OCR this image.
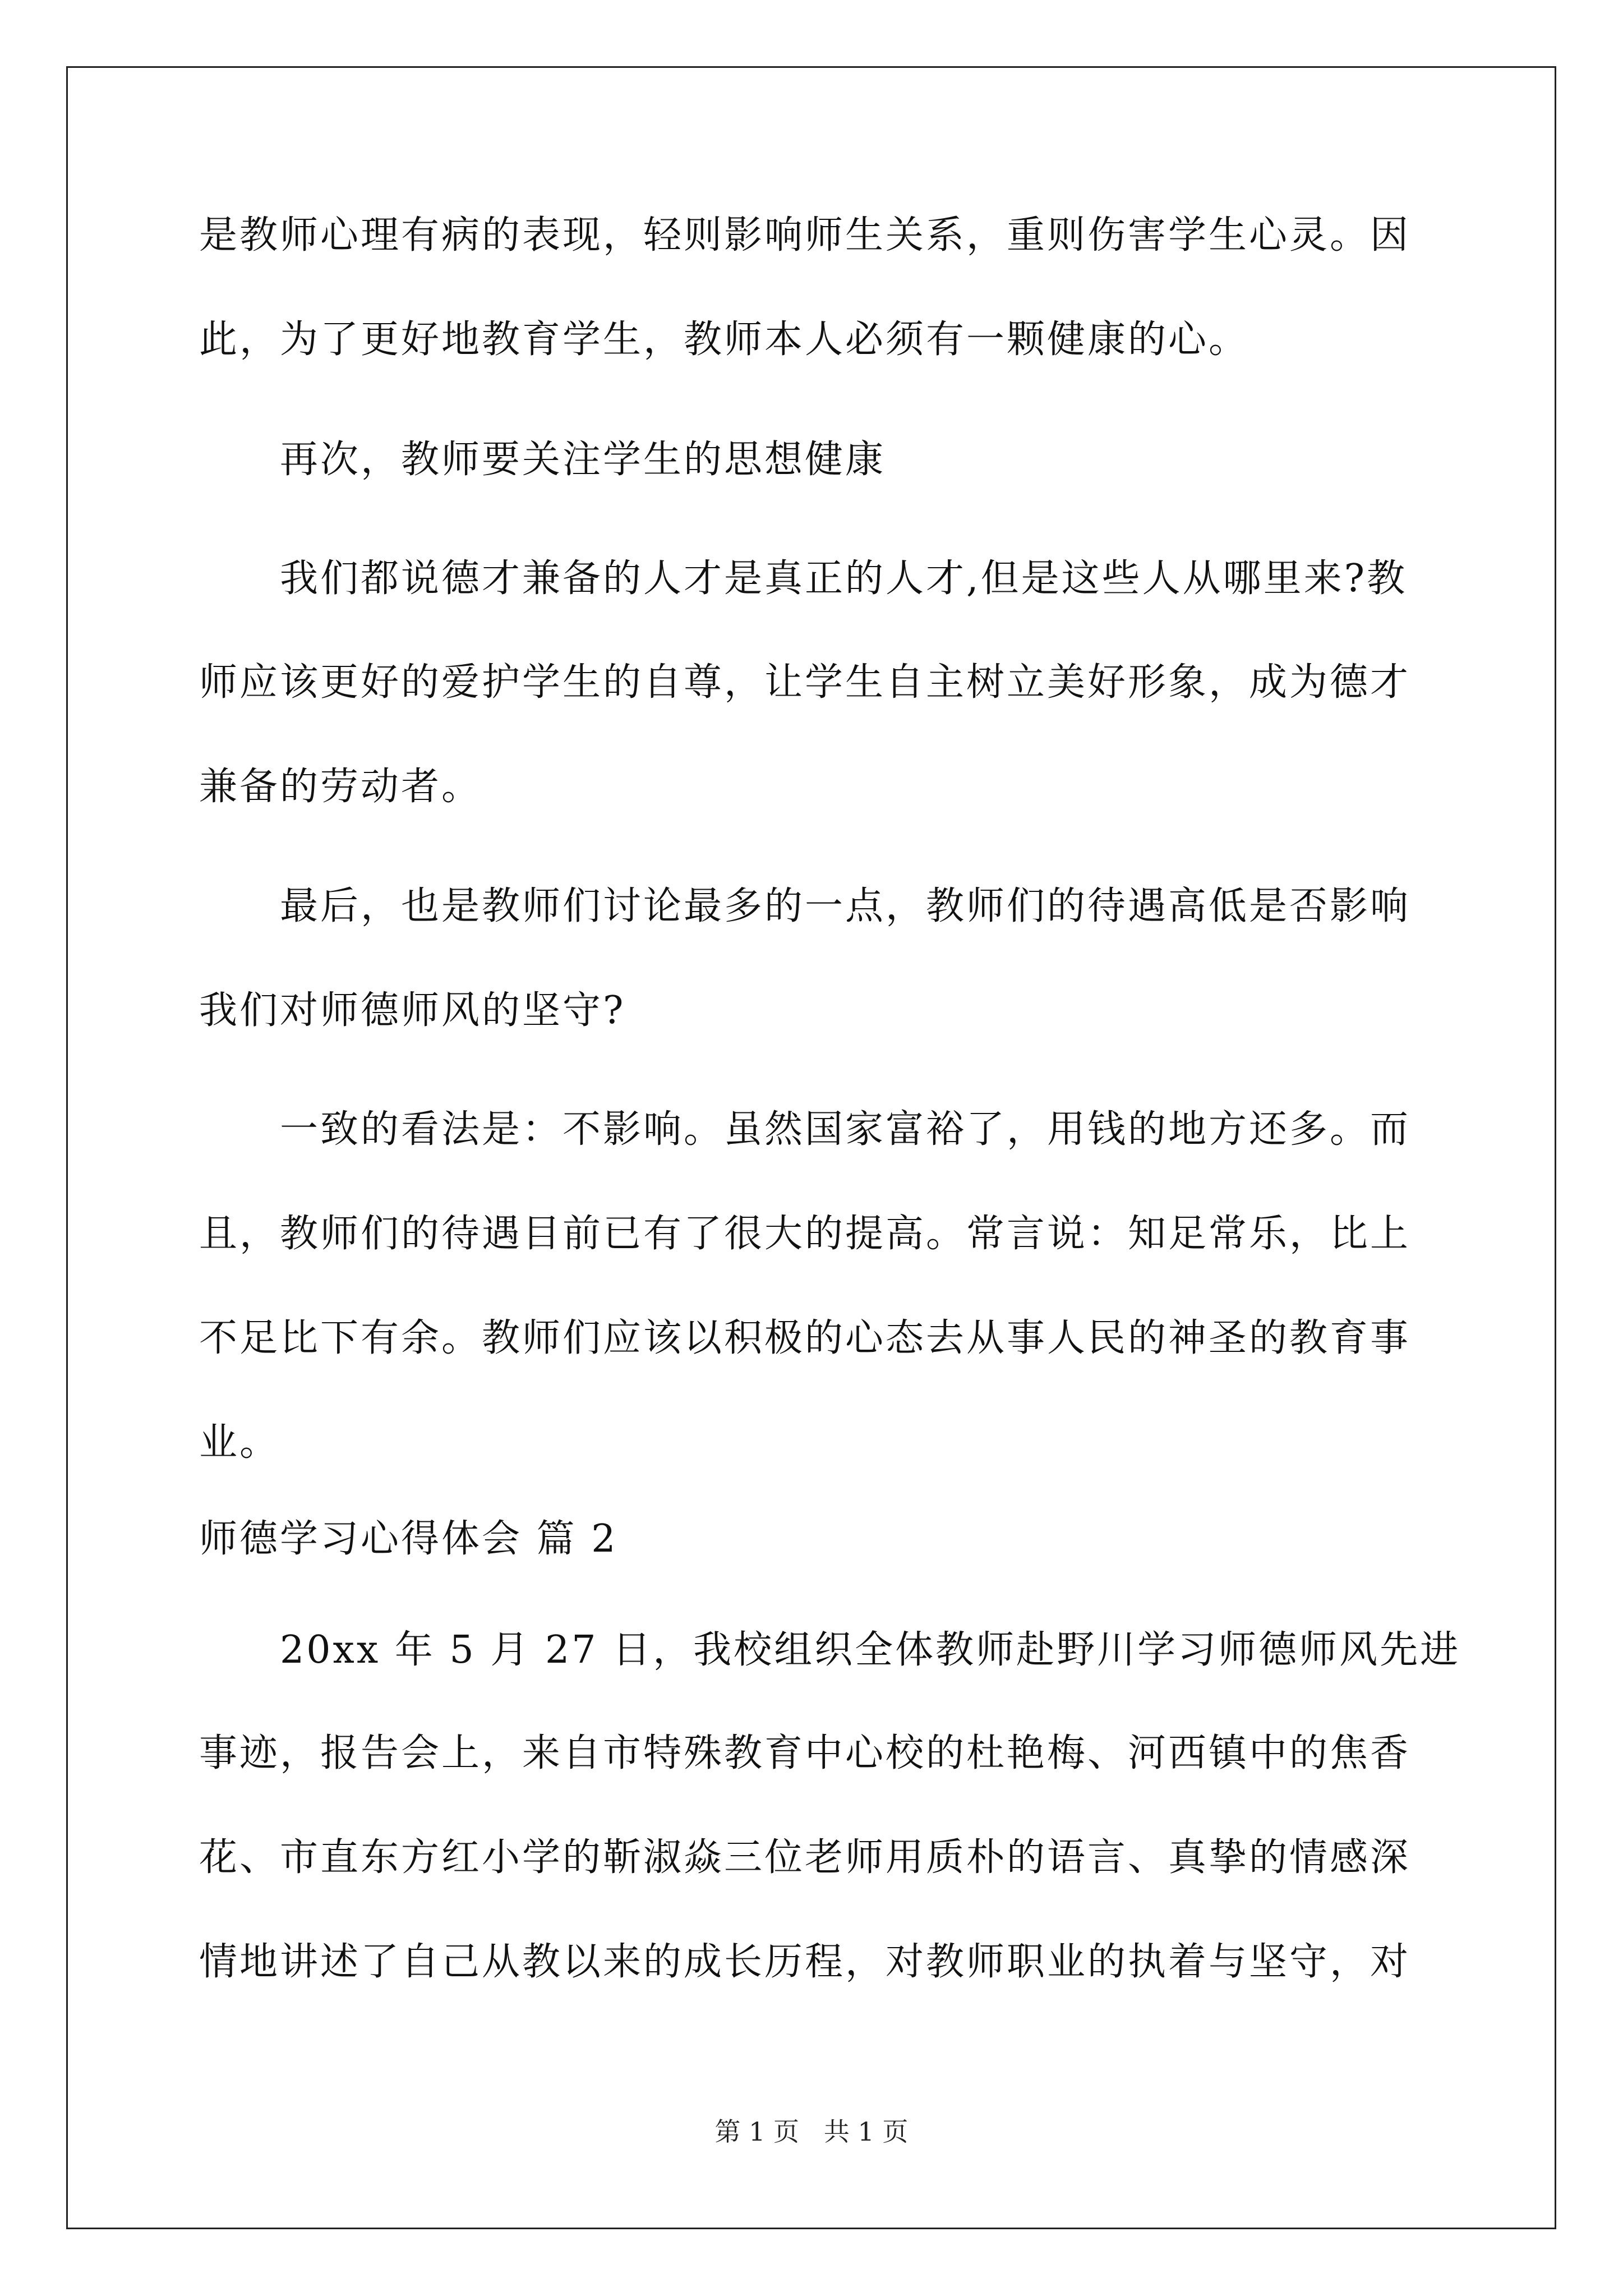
是教师心理有病的表现，轻则影响师生关系，重则伤害学生心灵。因
此，为了更好地教育学生，教师本人必须有一颗健康的心。
再次，教师要关注学生的思想健康
我们都说德才兼备的人才是真正的人才,但是这些人从哪里来?教
师应该更好的爱护学生的自尊，让学生自主树立美好形象，成为德才
兼备的劳动者。
最后，也是教师们讨论最多的一点，教师们的待遇高低是否影响
我们对师德师风的坚守?
一致的看法是：不影响。虽然国家富裕了，用钱的地方还多。而
且，教师们的待遇目前已有了很大的提高。常言说：知足常乐，比上
不足比下有余。教师们应该以积极的心态去从事人民的神圣的教育事
业。
师德学习心得体会 篇 2
20xx 年 5 月 27 日，我校组织全体教师赴野川学习师德师风先进
事迹，报告会上，来自市特殊教育中心校的杜艳梅、河西镇中的焦香
花、市直东方红小学的靳淑焱三位老师用质朴的语言、真挚的情感深
情地讲述了自己从教以来的成长历程，对教师职业的执着与坚守，对
第 1 页   共 1 页
